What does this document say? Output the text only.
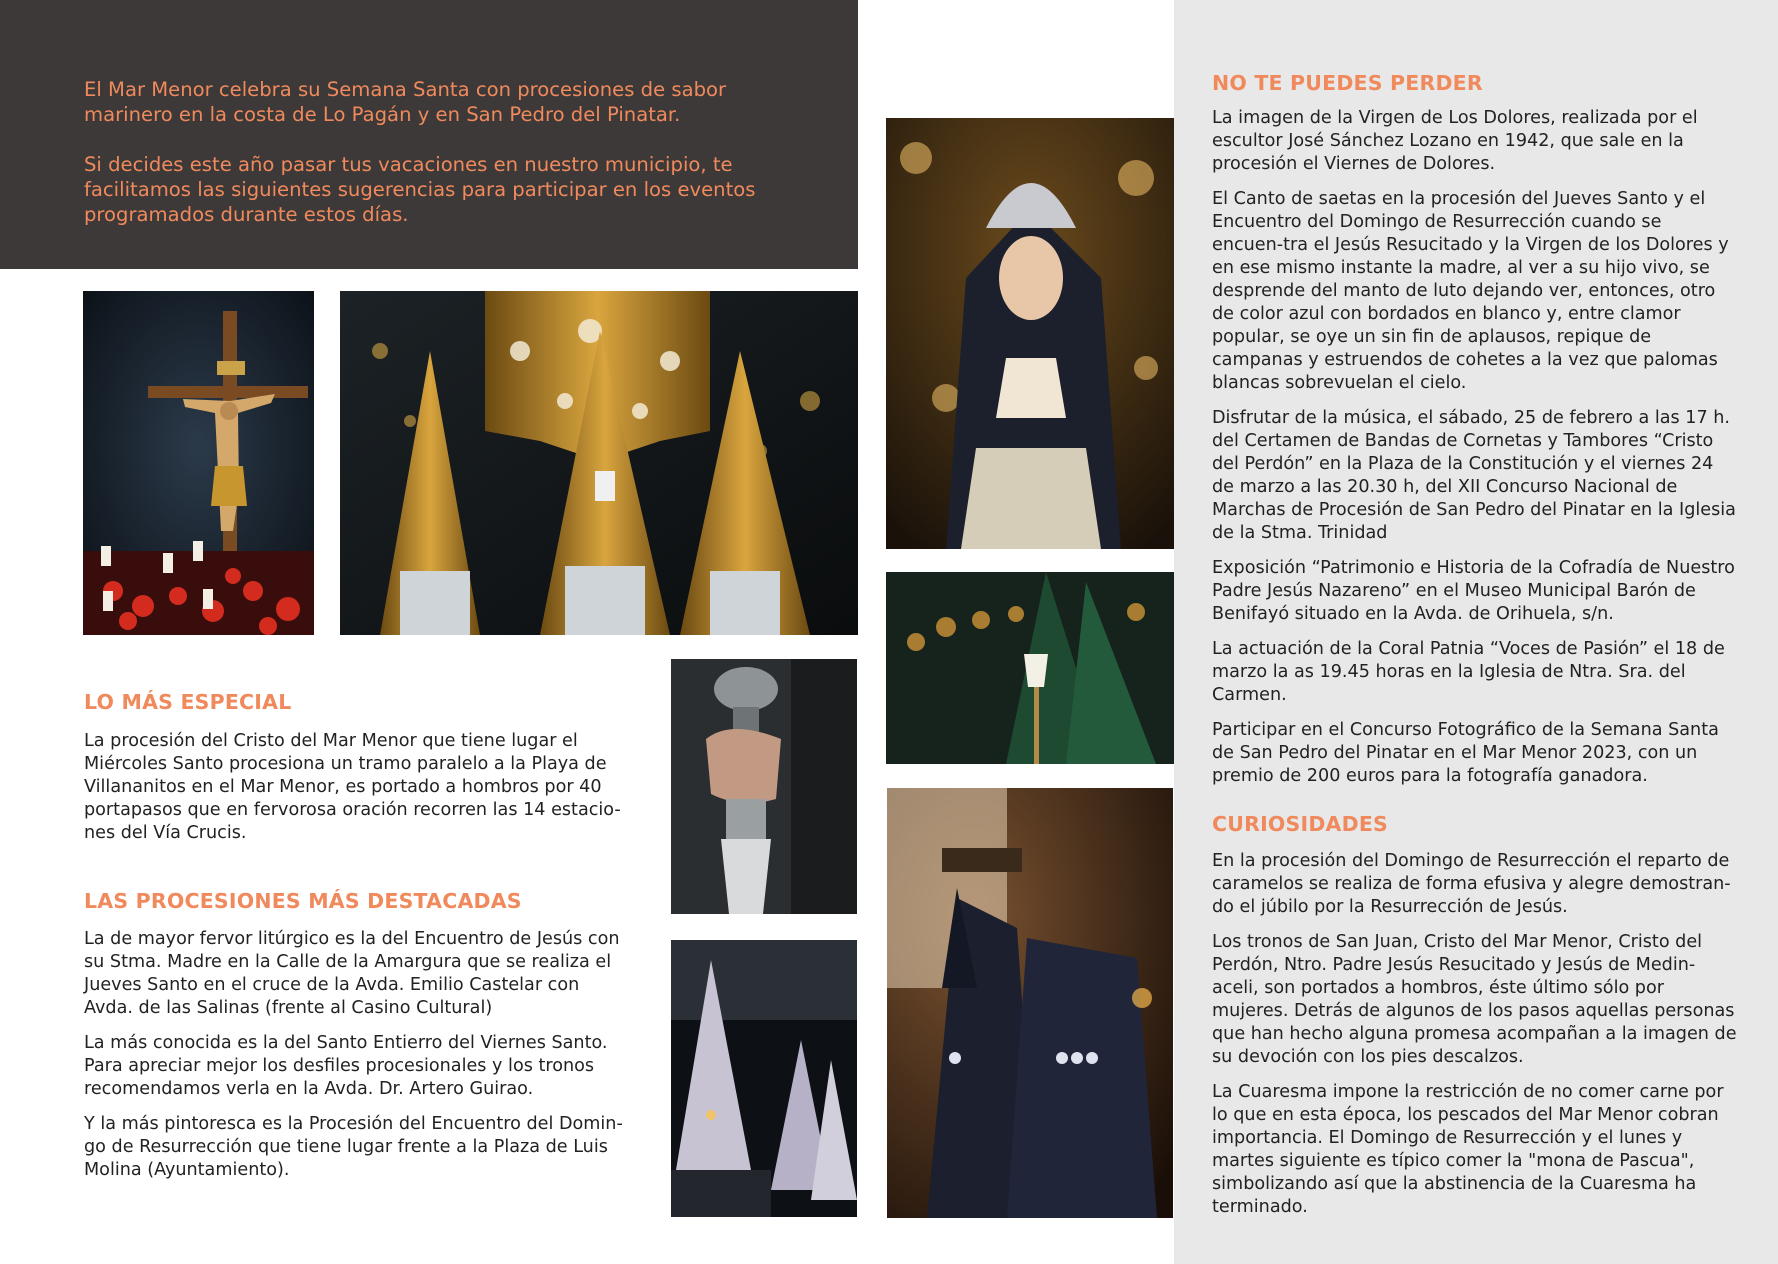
El Mar Menor celebra su Semana Santa con procesiones de sabor marinero en la costa de Lo Pagán y en San Pedro del Pinatar.

Si decides este año pasar tus vacaciones en nuestro municipio, te facilitamos las siguientes sugerencias para participar en los eventos programados durante estos días.

LO MÁS ESPECIAL

La procesión del Cristo del Mar Menor que tiene lugar el Miércoles Santo procesiona un tramo paralelo a la Playa de Villananitos en el Mar Menor, es portado a hombros por 40 portapasos que en fervorosa oración recorren las 14 estacio-nes del Vía Crucis.

LAS PROCESIONES MÁS DESTACADAS

La de mayor fervor litúrgico es la del Encuentro de Jesús con su Stma. Madre en la Calle de la Amargura que se realiza el Jueves Santo en el cruce de la Avda. Emilio Castelar con Avda. de las Salinas (frente al Casino Cultural)

La más conocida es la del Santo Entierro del Viernes Santo. Para apreciar mejor los desfiles procesionales y los tronos recomendamos verla en la Avda. Dr. Artero Guirao.

Y la más pintoresca es la Procesión del Encuentro del Domin-go de Resurrección que tiene lugar frente a la Plaza de Luis Molina (Ayuntamiento).

NO TE PUEDES PERDER

La imagen de la Virgen de Los Dolores, realizada por el escultor José Sánchez Lozano en 1942, que sale en la procesión el Viernes de Dolores.

El Canto de saetas en la procesión del Jueves Santo y el Encuentro del Domingo de Resurrección cuando se encuen-tra el Jesús Resucitado y la Virgen de los Dolores y en ese mismo instante la madre, al ver a su hijo vivo, se desprende del manto de luto dejando ver, entonces, otro de color azul con bordados en blanco y, entre clamor popular, se oye un sin fin de aplausos, repique de campanas y estruendos de cohetes a la vez que palomas blancas sobrevuelan el cielo.

Disfrutar de la música, el sábado, 25 de febrero a las 17 h. del Certamen de Bandas de Cornetas y Tambores “Cristo del Perdón” en la Plaza de la Constitución y el viernes 24 de marzo a las 20.30 h, del XII Concurso Nacional de Marchas de Procesión de San Pedro del Pinatar en la Iglesia de la Stma. Trinidad

Exposición “Patrimonio e Historia de la Cofradía de Nuestro Padre Jesús Nazareno” en el Museo Municipal Barón de Benifayó situado en la Avda. de Orihuela, s/n.

La actuación de la Coral Patnia “Voces de Pasión” el 18 de marzo la as 19.45 horas en la Iglesia de Ntra. Sra. del Carmen.

Participar en el Concurso Fotográfico de la Semana Santa de San Pedro del Pinatar en el Mar Menor 2023, con un premio de 200 euros para la fotografía ganadora.

CURIOSIDADES

En la procesión del Domingo de Resurrección el reparto de caramelos se realiza de forma efusiva y alegre demostran-do el júbilo por la Resurrección de Jesús.

Los tronos de San Juan, Cristo del Mar Menor, Cristo del Perdón, Ntro. Padre Jesús Resucitado y Jesús de Medin-aceli, son portados a hombros, éste último sólo por mujeres. Detrás de algunos de los pasos aquellas personas que han hecho alguna promesa acompañan a la imagen de su devoción con los pies descalzos.

La Cuaresma impone la restricción de no comer carne por lo que en esta época, los pescados del Mar Menor cobran importancia. El Domingo de Resurrección y el lunes y martes siguiente es típico comer la "mona de Pascua", simbolizando así que la abstinencia de la Cuaresma ha terminado.
